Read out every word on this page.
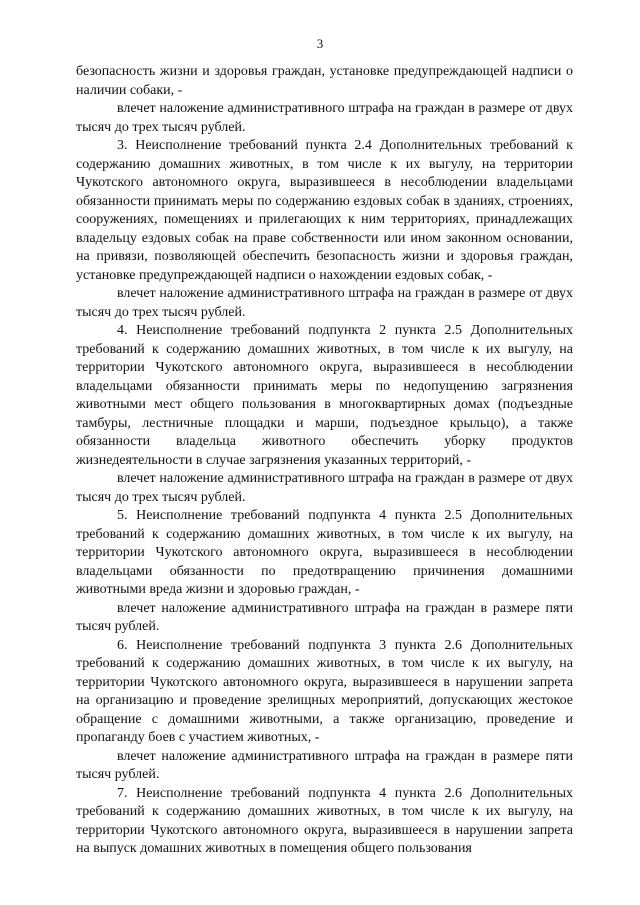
3

безопасность жизни и здоровья граждан, установке предупреждающей надписи о наличии собаки, -

влечет наложение административного штрафа на граждан в размере от двух тысяч до трех тысяч рублей.

3. Неисполнение требований пункта 2.4 Дополнительных требований к содержанию домашних животных, в том числе к их выгулу, на территории Чукотского автономного округа, выразившееся в несоблюдении владельцами обязанности принимать меры по содержанию ездовых собак в зданиях, строениях, сооружениях, помещениях и прилегающих к ним территориях, принадлежащих владельцу ездовых собак на праве собственности или ином законном основании, на привязи, позволяющей обеспечить безопасность жизни и здоровья граждан, установке предупреждающей надписи о нахождении ездовых собак, -

влечет наложение административного штрафа на граждан в размере от двух тысяч до трех тысяч рублей.

4. Неисполнение требований подпункта 2 пункта 2.5 Дополнительных требований к содержанию домашних животных, в том числе к их выгулу, на территории Чукотского автономного округа, выразившееся в несоблюдении владельцами обязанности принимать меры по недопущению загрязнения животными мест общего пользования в многоквартирных домах (подъездные тамбуры, лестничные площадки и марши, подъездное крыльцо), а также обязанности владельца животного обеспечить уборку продуктов жизнедеятельности в случае загрязнения указанных территорий, -

влечет наложение административного штрафа на граждан в размере от двух тысяч до трех тысяч рублей.

5. Неисполнение требований подпункта 4 пункта 2.5 Дополнительных требований к содержанию домашних животных, в том числе к их выгулу, на территории Чукотского автономного округа, выразившееся в несоблюдении владельцами обязанности по предотвращению причинения домашними животными вреда жизни и здоровью граждан, -

влечет наложение административного штрафа на граждан в размере пяти тысяч рублей.

6. Неисполнение требований подпункта 3 пункта 2.6 Дополнительных требований к содержанию домашних животных, в том числе к их выгулу, на территории Чукотского автономного округа, выразившееся в нарушении запрета на организацию и проведение зрелищных мероприятий, допускающих жестокое обращение с домашними животными, а также организацию, проведение и пропаганду боев с участием животных, -

влечет наложение административного штрафа на граждан в размере пяти тысяч рублей.

7. Неисполнение требований подпункта 4 пункта 2.6 Дополнительных требований к содержанию домашних животных, в том числе к их выгулу, на территории Чукотского автономного округа, выразившееся в нарушении запрета на выпуск домашних животных в помещения общего пользования
